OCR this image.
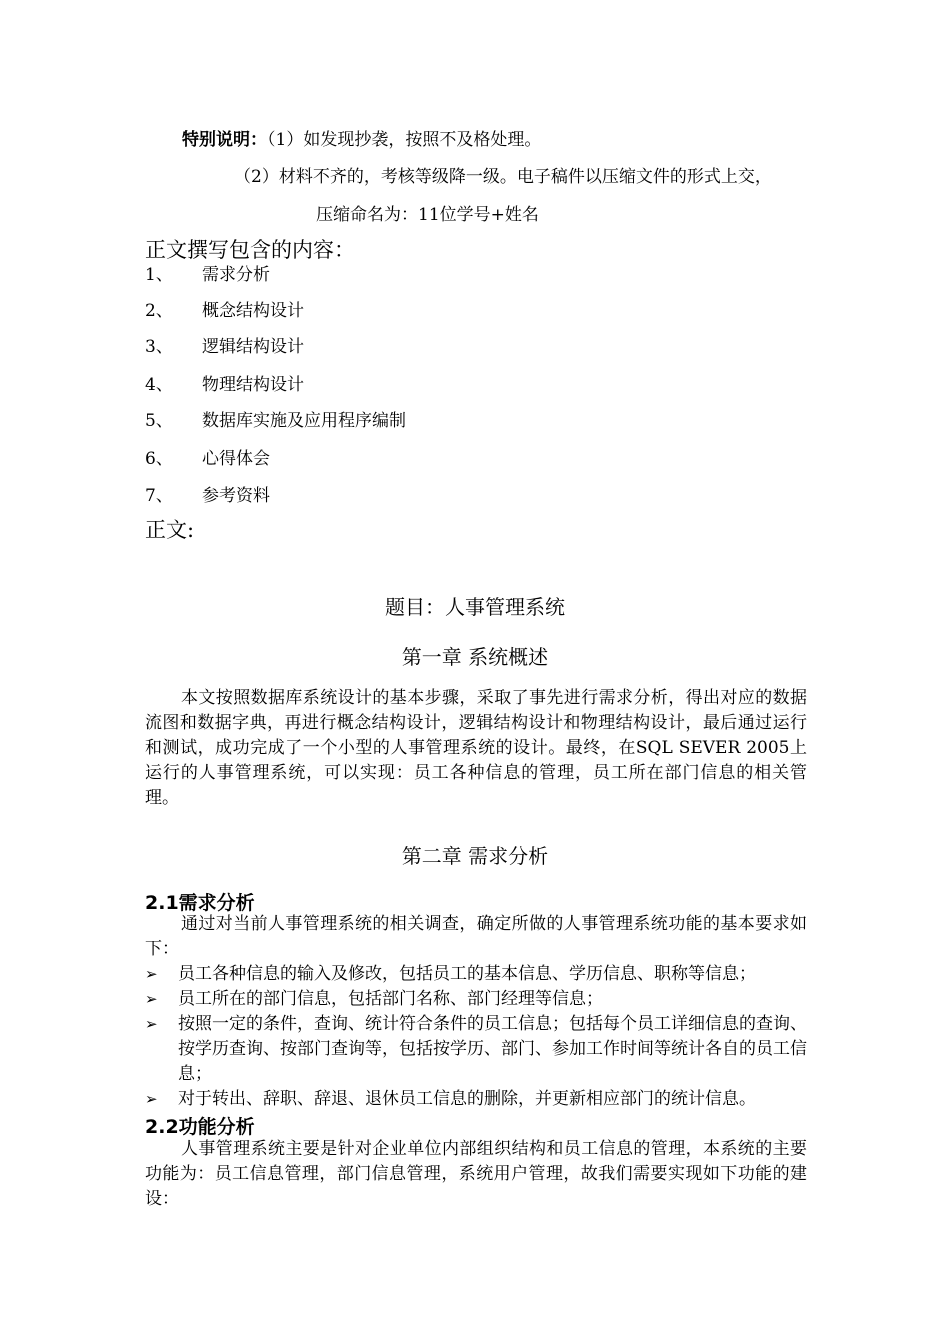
特别说明：（1）如发现抄袭，按照不及格处理。
（2）材料不齐的，考核等级降一级。电子稿件以压缩文件的形式上交，
压缩命名为：11位学号+姓名
正文撰写包含的内容：
1、 需求分析
2、 概念结构设计
3、 逻辑结构设计
4、 物理结构设计
5、 数据库实施及应用程序编制
6、 心得体会
7、 参考资料
正文:
题目：人事管理系统
第一章 系统概述
本文按照数据库系统设计的基本步骤，采取了事先进行需求分析，得出对应的数据流图和数据字典，再进行概念结构设计，逻辑结构设计和物理结构设计，最后通过运行和测试，成功完成了一个小型的人事管理系统的设计。最终，在SQL SEVER 2005上运行的人事管理系统，可以实现：员工各种信息的管理，员工所在部门信息的相关管理。
第二章 需求分析
2.1需求分析
通过对当前人事管理系统的相关调查，确定所做的人事管理系统功能的基本要求如下：
➢ 员工各种信息的输入及修改，包括员工的基本信息、学历信息、职称等信息；
➢ 员工所在的部门信息，包括部门名称、部门经理等信息；
➢ 按照一定的条件，查询、统计符合条件的员工信息；包括每个员工详细信息的查询、按学历查询、按部门查询等，包括按学历、部门、参加工作时间等统计各自的员工信息；
➢ 对于转出、辞职、辞退、退休员工信息的删除，并更新相应部门的统计信息。
2.2功能分析
人事管理系统主要是针对企业单位内部组织结构和员工信息的管理，本系统的主要功能为：员工信息管理，部门信息管理，系统用户管理，故我们需要实现如下功能的建设：
